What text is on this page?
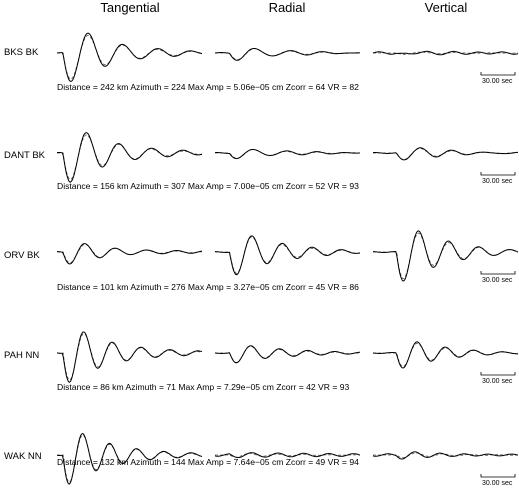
Tangential	Radial	Vertical
BKS BK
DANT BK
ORV BK
PAH NN
WAK NN
Distance = 242 km Azimuth = 224 Max Amp = 5.06e−05 cm Zcorr = 64 VR = 82
Distance = 156 km Azimuth = 307 Max Amp = 7.00e−05 cm Zcorr = 52 VR = 93
Distance = 101 km Azimuth = 276 Max Amp = 3.27e−05 cm Zcorr = 45 VR = 86
Distance = 86 km Azimuth = 71 Max Amp = 7.29e−05 cm Zcorr = 42 VR = 93
Distance = 132 km Azimuth = 144 Max Amp = 7.64e−05 cm Zcorr = 49 VR = 94
30.00 sec
30.00 sec
30.00 sec
30.00 sec
30.00 sec
